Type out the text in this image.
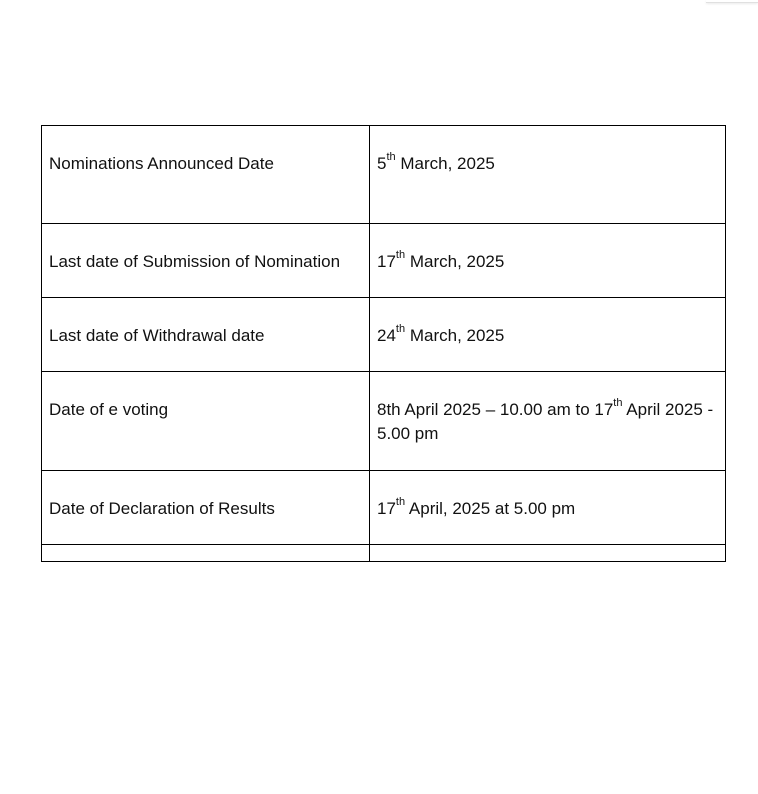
Nominations Announced Date	5th March, 2025
Last date of Submission of Nomination	17th March, 2025
Last date of Withdrawal date	24th March, 2025
Date of e voting	8th April 2025 – 10.00 am to 17th April 2025 - 5.00 pm
Date of Declaration of Results	17th April, 2025 at 5.00 pm
